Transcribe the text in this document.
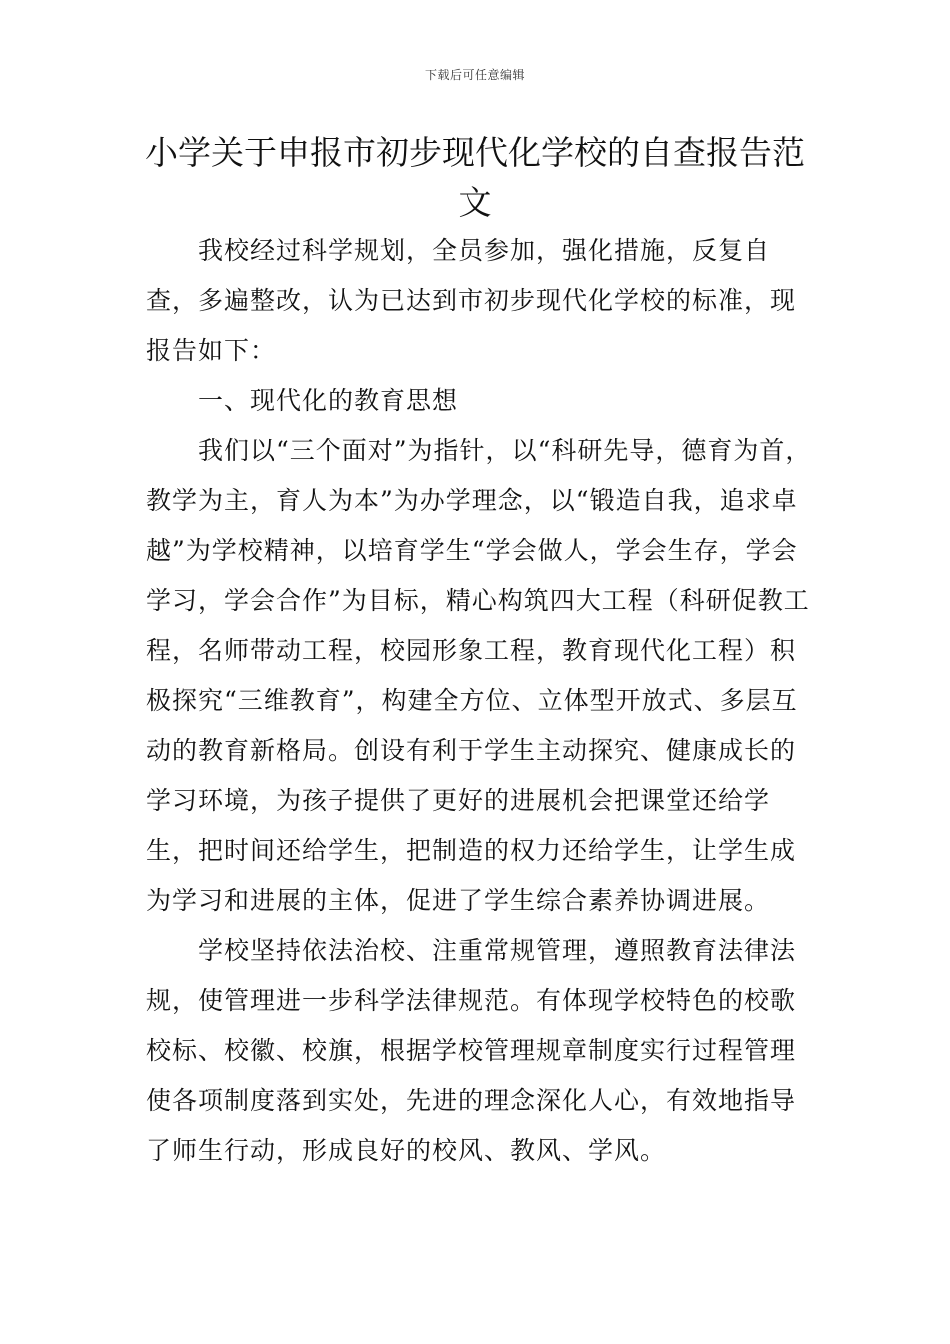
下载后可任意编辑
小学关于申报市初步现代化学校的自查报告范文

我校经过科学规划，全员参加，强化措施，反复自查，多遍整改，认为已达到市初步现代化学校的标准，现报告如下：

一、现代化的教育思想

我们以“三个面对”为指针，以“科研先导，德育为首，教学为主，育人为本”为办学理念，以“锻造自我，追求卓越”为学校精神，以培育学生“学会做人，学会生存，学会学习，学会合作”为目标，精心构筑四大工程（科研促教工程，名师带动工程，校园形象工程，教育现代化工程）积极探究“三维教育”，构建全方位、立体型开放式、多层互动的教育新格局。创设有利于学生主动探究、健康成长的学习环境，为孩子提供了更好的进展机会把课堂还给学生，把时间还给学生，把制造的权力还给学生，让学生成为学习和进展的主体，促进了学生综合素养协调进展。

学校坚持依法治校、注重常规管理，遵照教育法律法规，使管理进一步科学法律规范。有体现学校特色的校歌校标、校徽、校旗，根据学校管理规章制度实行过程管理使各项制度落到实处，先进的理念深化人心，有效地指导了师生行动，形成良好的校风、教风、学风。
